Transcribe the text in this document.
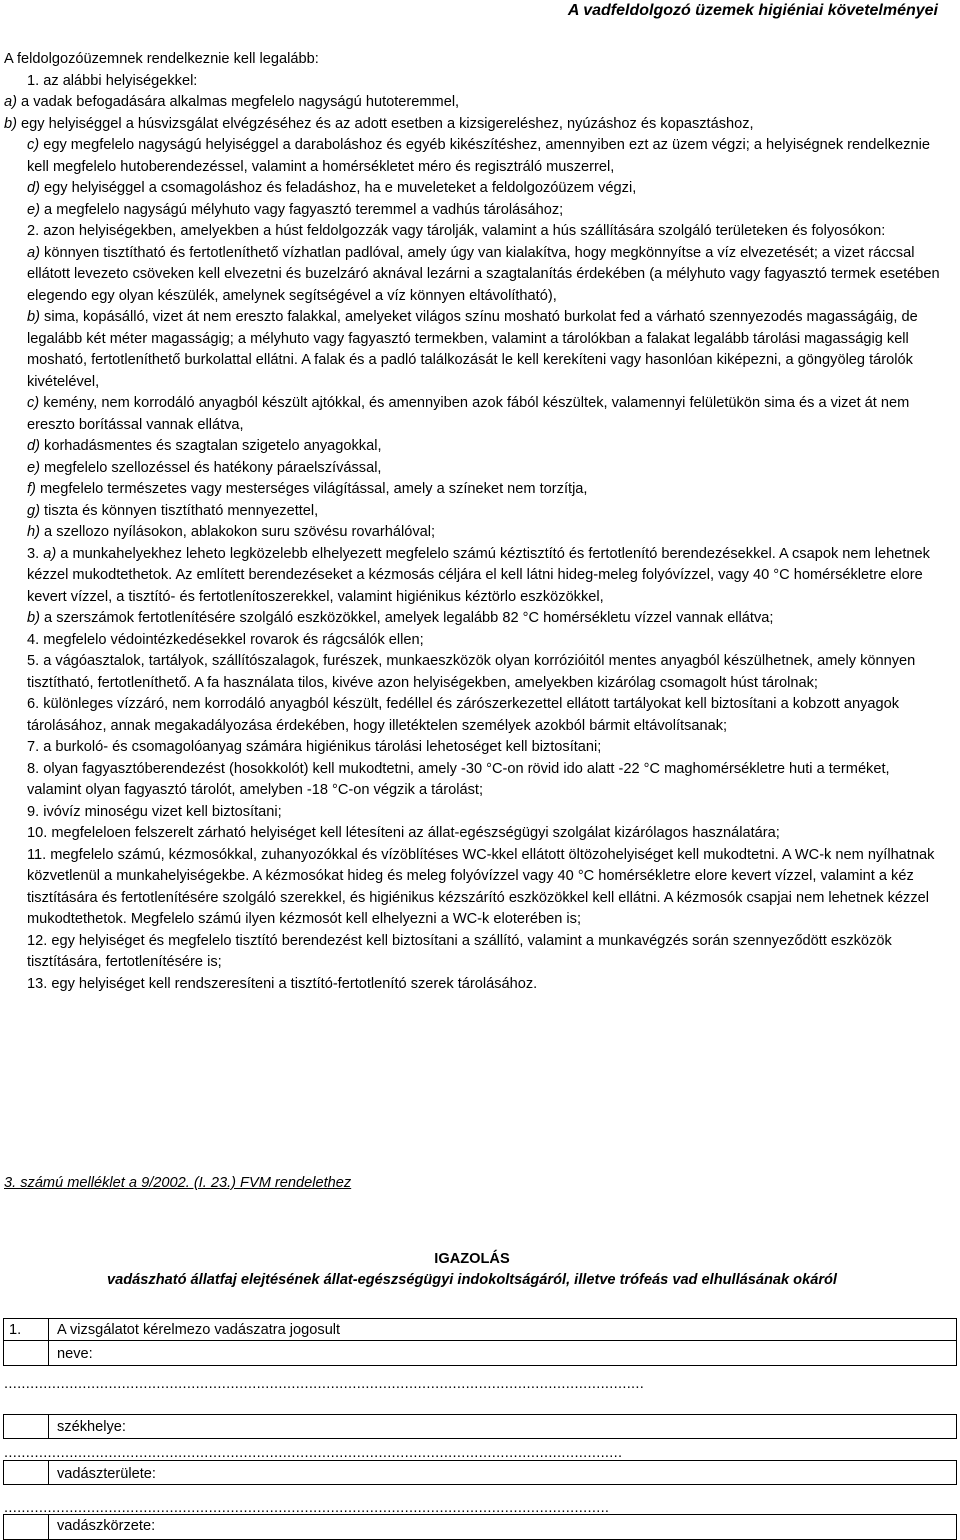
A vadfeldolgozó üzemek higiéniai követelményei

A feldolgozóüzemnek rendelkeznie kell legalább:

1. az alábbi helyiségekkel:

a) a vadak befogadására alkalmas megfelelo nagyságú hutoteremmel,

b) egy helyiséggel a húsvizsgálat elvégzéséhez és az adott esetben a kizsigereléshez, nyúzáshoz és kopasztáshoz,

c) egy megfelelo nagyságú helyiséggel a daraboláshoz és egyéb kikészítéshez, amennyiben ezt az üzem végzi; a helyiségnek rendelkeznie kell megfelelo hutoberendezéssel, valamint a homérsékletet méro és regisztráló muszerrel,

d) egy helyiséggel a csomagoláshoz és feladáshoz, ha e muveleteket a feldolgozóüzem végzi,

e) a megfelelo nagyságú mélyhuto vagy fagyasztó teremmel a vadhús tárolásához;

2. azon helyiségekben, amelyekben a húst feldolgozzák vagy tárolják, valamint a hús szállítására szolgáló területeken és folyosókon:

a) könnyen tisztítható és fertotleníthető vízhatlan padlóval, amely úgy van kialakítva, hogy megkönnyítse a víz elvezetését; a vizet ráccsal ellátott levezeto csöveken kell elvezetni és buzelzáró aknával lezárni a szagtalanítás érdekében (a mélyhuto vagy fagyasztó termek esetében elegendo egy olyan készülék, amelynek segítségével a víz könnyen eltávolítható),

b) sima, kopásálló, vizet át nem ereszto falakkal, amelyeket világos színu mosható burkolat fed a várható szennyezodés magasságáig, de legalább két méter magasságig; a mélyhuto vagy fagyasztó termekben, valamint a tárolókban a falakat legalább tárolási magasságig kell mosható, fertotleníthető burkolattal ellátni. A falak és a padló találkozását le kell kerekíteni vagy hasonlóan kiképezni, a göngyöleg tárolók kivételével,

c) kemény, nem korrodáló anyagból készült ajtókkal, és amennyiben azok fából készültek, valamennyi felületükön sima és a vizet át nem ereszto borítással vannak ellátva,

d) korhadásmentes és szagtalan szigetelo anyagokkal,

e) megfelelo szellozéssel és hatékony páraelszívással,

f) megfelelo természetes vagy mesterséges világítással, amely a színeket nem torzítja,

g) tiszta és könnyen tisztítható mennyezettel,

h) a szellozo nyílásokon, ablakokon suru szövésu rovarhálóval;

3. a) a munkahelyekhez leheto legközelebb elhelyezett megfelelo számú kéztisztító és fertotlenító berendezésekkel. A csapok nem lehetnek kézzel mukodtethetok. Az említett berendezéseket a kézmosás céljára el kell látni hideg-meleg folyóvízzel, vagy 40 °C homérsékletre elore kevert vízzel, a tisztító- és fertotlenítoszerekkel, valamint higiénikus kéztörlo eszközökkel,

b) a szerszámok fertotlenítésére szolgáló eszközökkel, amelyek legalább 82 °C homérsékletu vízzel vannak ellátva;

4. megfelelo védointézkedésekkel rovarok és rágcsálók ellen;

5. a vágóasztalok, tartályok, szállítószalagok, furészek, munkaeszközök olyan korrózióitól mentes anyagból készülhetnek, amely könnyen tisztítható, fertotleníthető. A fa használata tilos, kivéve azon helyiségekben, amelyekben kizárólag csomagolt húst tárolnak;

6. különleges vízzáró, nem korrodáló anyagból készült, fedéllel és zárószerkezettel ellátott tartályokat kell biztosítani a kobzott anyagok tárolásához, annak megakadályozása érdekében, hogy illetéktelen személyek azokból bármit eltávolítsanak;

7. a burkoló- és csomagolóanyag számára higiénikus tárolási lehetoséget kell biztosítani;

8. olyan fagyasztóberendezést (hosokkolót) kell mukodtetni, amely -30 °C-on rövid ido alatt -22 °C maghomérsékletre huti a terméket, valamint olyan fagyasztó tárolót, amelyben -18 °C-on végzik a tárolást;

9. ivóvíz minoségu vizet kell biztosítani;

10. megfeleloen felszerelt zárható helyiséget kell létesíteni az állat-egészségügyi szolgálat kizárólagos használatára;

11. megfelelo számú, kézmosókkal, zuhanyozókkal és vízöblítéses WC-kkel ellátott öltözohelyiséget kell mukodtetni. A WC-k nem nyílhatnak közvetlenül a munkahelyiségekbe. A kézmosókat hideg és meleg folyóvízzel vagy 40 °C homérsékletre elore kevert vízzel, valamint a kéz tisztítására és fertotlenítésére szolgáló szerekkel, és higiénikus kézszárító eszközökkel kell ellátni. A kézmosók csapjai nem lehetnek kézzel mukodtethetok. Megfelelo számú ilyen kézmosót kell elhelyezni a WC-k eloterében is;

12. egy helyiséget és megfelelo tisztító berendezést kell biztosítani a szállító, valamint a munkavégzés során szennyeződött eszközök tisztítására, fertotlenítésére is;

13. egy helyiséget kell rendszeresíteni a tisztító-fertotlenító szerek tárolásához.

3. számú melléklet a 9/2002. (I. 23.) FVM rendelethez
IGAZOLÁS
vadászható állatfaj elejtésének állat-egészségügyi indokoltságáról, illetve trófeás vad elhullásának okáról
1. A vizsgálatot kérelmezo vadászatra jogosult
neve:
...................................................................................................................................................
székhelye:
..............................................................................................................................................
vadászterülete:
...........................................................................................................................................
vadászkörzete:
